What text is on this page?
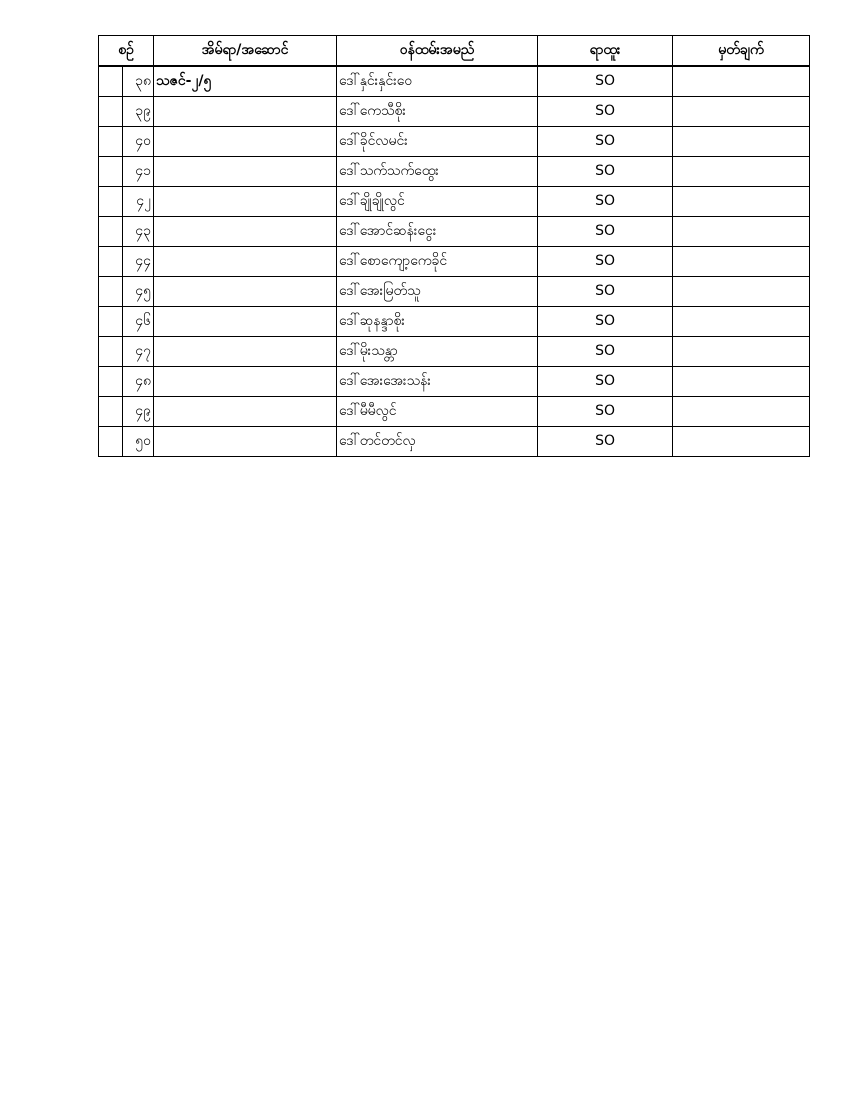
စဉ်		အိမ်ရာ/အဆောင်	ဝန်ထမ်းအမည်	ရာထူး	မှတ်ချက်
	၃၈	သဇင်-၂/၅	ဒေါ်နှင်းနှင်းဝေ	SO	
	၃၉		ဒေါ်ကေသီစိုး	SO	
	၄၀		ဒေါ်ခိုင်လမင်း	SO	
	၄၁		ဒေါ်သက်သက်ထွေး	SO	
	၄၂		ဒေါ်ချိုချိုလွင်	SO	
	၄၃		ဒေါ်အောင်ဆန်းငွေး	SO	
	၄၄		ဒေါ်စောကျော့ကေခိုင်	SO	
	၄၅		ဒေါ်အေးမြတ်သူ	SO	
	၄၆		ဒေါ်ဆုနန္ဒာစိုး	SO	
	၄၇		ဒေါ်မိုးသန္တာ	SO	
	၄၈		ဒေါ်အေးအေးသန်း	SO	
	၄၉		ဒေါ်မီမီလွင်	SO	
	၅၀		ဒေါ်တင်တင်လှ	SO	
